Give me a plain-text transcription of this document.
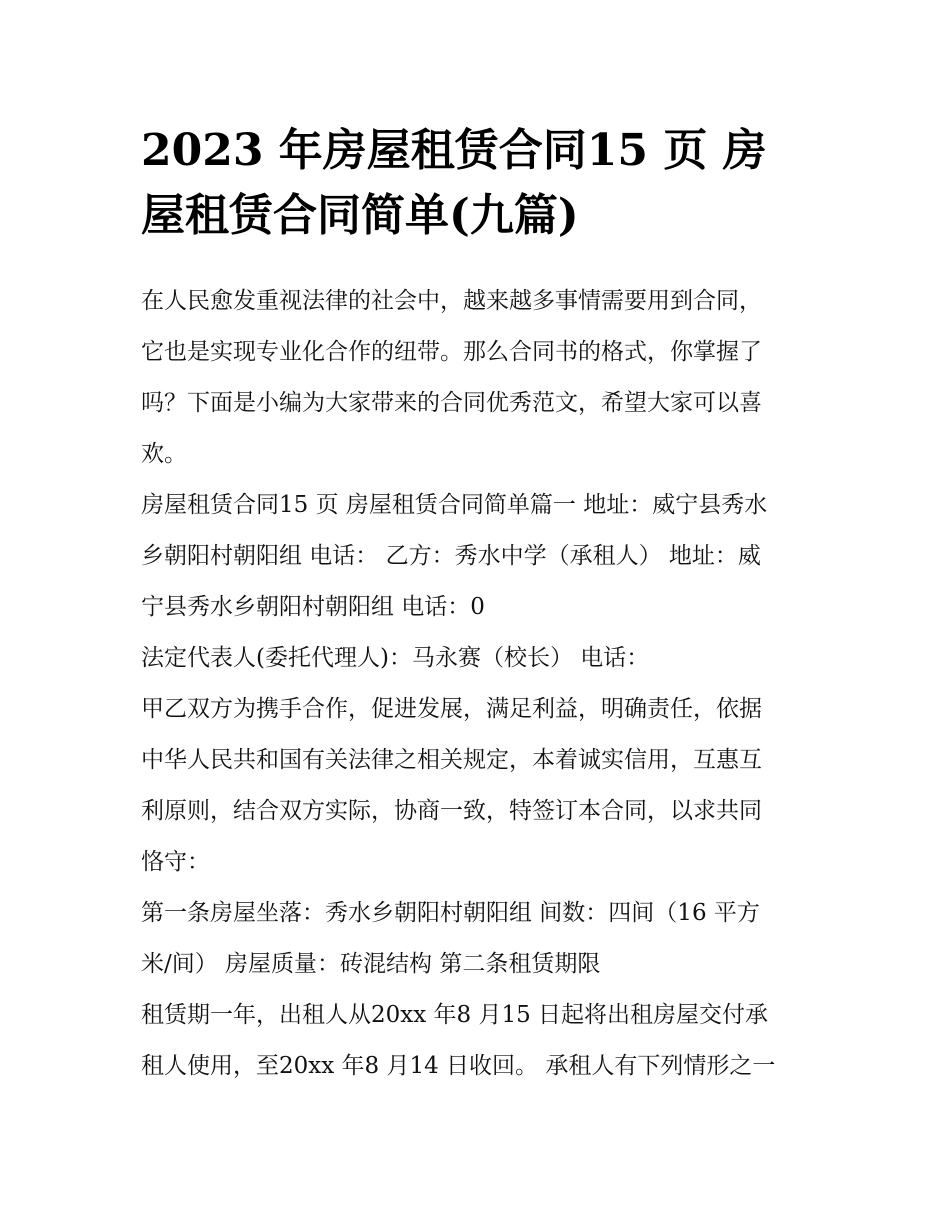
2023 年房屋租赁合同15 页 房
屋租赁合同简单(九篇)
在人民愈发重视法律的社会中，越来越多事情需要用到合同，
它也是实现专业化合作的纽带。那么合同书的格式，你掌握了
吗？下面是小编为大家带来的合同优秀范文，希望大家可以喜
欢。
房屋租赁合同15 页 房屋租赁合同简单篇一 地址：威宁县秀水
乡朝阳村朝阳组 电话： 乙方：秀水中学（承租人） 地址：威
宁县秀水乡朝阳村朝阳组 电话：0
法定代表人(委托代理人)：马永赛（校长） 电话：
甲乙双方为携手合作，促进发展，满足利益，明确责任，依据
中华人民共和国有关法律之相关规定，本着诚实信用，互惠互
利原则，结合双方实际，协商一致，特签订本合同，以求共同
恪守：
第一条房屋坐落：秀水乡朝阳村朝阳组 间数：四间（16 平方
米/间） 房屋质量：砖混结构 第二条租赁期限
租赁期一年，出租人从20xx 年8 月15 日起将出租房屋交付承
租人使用，至20xx 年8 月14 日收回。 承租人有下列情形之一
